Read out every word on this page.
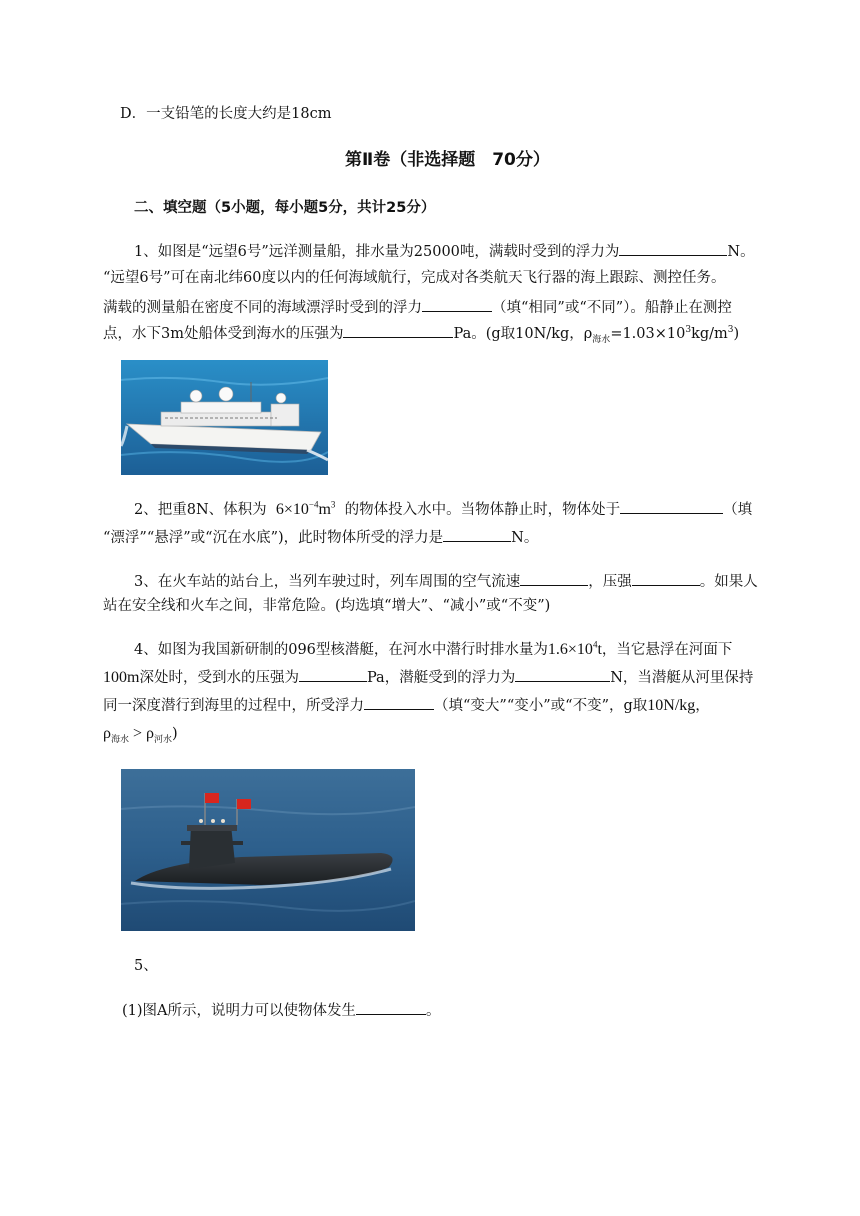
D．一支铅笔的长度大约是18cm
第Ⅱ卷（非选择题　70分）
二、填空题（5小题，每小题5分，共计25分）
1、如图是“远望6号”远洋测量船，排水量为25000吨，满载时受到的浮力为	N。
“远望6号”可在南北纬60度以内的任何海域航行，完成对各类航天飞行器的海上跟踪、测控任务。
满载的测量船在密度不同的海域漂浮时受到的浮力	（填“相同”或“不同”）。船静止在测控
点，水下3m处船体受到海水的压强为	Pa。(g取10N/kg，$\rho_{海水}=1.03\times 10^3kg/m^3$)
2、把重8N、体积为 $6\times 10^{-4}m^3$ 的物体投入水中。当物体静止时，物体处于	（填
“漂浮”“悬浮”或“沉在水底”)，此时物体所受的浮力是	N。
3、在火车站的站台上，当列车驶过时，列车周围的空气流速	，压强	。如果人
站在安全线和火车之间，非常危险。(均选填“增大”、“减小”或“不变”)
4、如图为我国新研制的096型核潜艇，在河水中潜行时排水量为$1.6\times 10^4t$，当它悬浮在河面下
100m深处时，受到水的压强为	Pa，潜艇受到的浮力为	N，当潜艇从河里保持
同一深度潜行到海里的过程中，所受浮力	（填“变大”“变小”或“不变”，g取10N/kg，
$\rho_{海水} > \rho_{河水}$)
5、
(1)图A所示，说明力可以使物体发生	。
